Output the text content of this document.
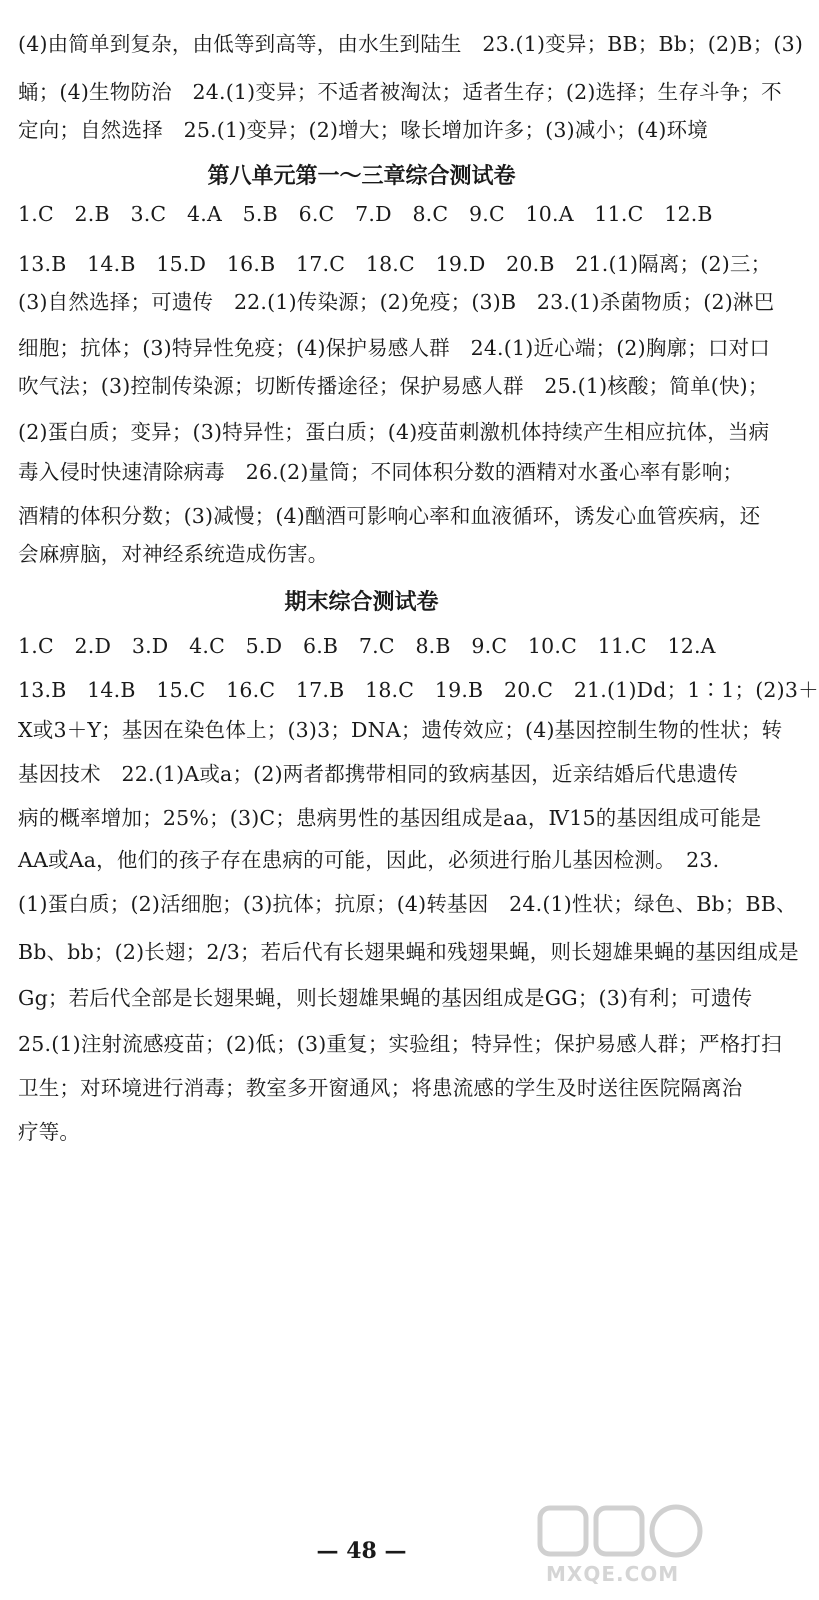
(4)由简单到复杂，由低等到高等，由水生到陆生　23.(1)变异；BB；Bb；(2)B；(3)
蛹；(4)生物防治　24.(1)变异；不适者被淘汰；适者生存；(2)选择；生存斗争；不
定向；自然选择　25.(1)变异；(2)增大；喙长增加许多；(3)减小；(4)环境
第八单元第一～三章综合测试卷
1.C　2.B　3.C　4.A　5.B　6.C　7.D　8.C　9.C　10.A　11.C　12.B
13.B　14.B　15.D　16.B　17.C　18.C　19.D　20.B　21.(1)隔离；(2)三；
(3)自然选择；可遗传　22.(1)传染源；(2)免疫；(3)B　23.(1)杀菌物质；(2)淋巴
细胞；抗体；(3)特异性免疫；(4)保护易感人群　24.(1)近心端；(2)胸廓；口对口
吹气法；(3)控制传染源；切断传播途径；保护易感人群　25.(1)核酸；简单(快)；
(2)蛋白质；变异；(3)特异性；蛋白质；(4)疫苗刺激机体持续产生相应抗体，当病
毒入侵时快速清除病毒　26.(2)量筒；不同体积分数的酒精对水蚤心率有影响；
酒精的体积分数；(3)减慢；(4)酗酒可影响心率和血液循环，诱发心血管疾病，还
会麻痹脑，对神经系统造成伤害。
期末综合测试卷
1.C　2.D　3.D　4.C　5.D　6.B　7.C　8.B　9.C　10.C　11.C　12.A
13.B　14.B　15.C　16.C　17.B　18.C　19.B　20.C　21.(1)Dd；1∶1；(2)3＋
X或3＋Y；基因在染色体上；(3)3；DNA；遗传效应；(4)基因控制生物的性状；转
基因技术　22.(1)A或a；(2)两者都携带相同的致病基因，近亲结婚后代患遗传
病的概率增加；25%；(3)C；患病男性的基因组成是aa，Ⅳ15的基因组成可能是
AA或Aa，他们的孩子存在患病的可能，因此，必须进行胎儿基因检测。　23.
(1)蛋白质；(2)活细胞；(3)抗体；抗原；(4)转基因　24.(1)性状；绿色、Bb；BB、
Bb、bb；(2)长翅；2/3；若后代有长翅果蝇和残翅果蝇，则长翅雄果蝇的基因组成是
Gg；若后代全部是长翅果蝇，则长翅雄果蝇的基因组成是GG；(3)有利；可遗传
25.(1)注射流感疫苗；(2)低；(3)重复；实验组；特异性；保护易感人群；严格打扫
卫生；对环境进行消毒；教室多开窗通风；将患流感的学生及时送往医院隔离治
疗等。
MXQE.COM
— 48 —
